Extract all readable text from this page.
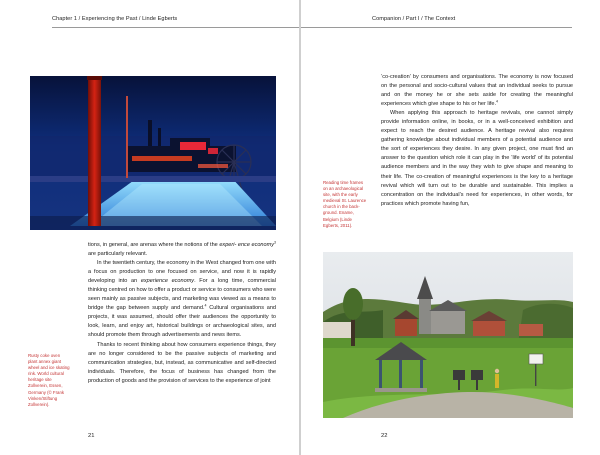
Chapter 1 / Experiencing the Past / Linde Egberts
Rusty coke oven
plant annex giant
wheel and ice skating
rink. World cultural
heritage site
Zollverein, Essen,
Germany (© Frank
Vinken/Stiftung
Zollverein).

tions, in general, are arenas where the notions of the experi- ence economy$^3$ are particularly relevant.

In the twentieth century, the economy in the West changed from one with a focus on production to one focused on service, and now it is rapidly developing into an experience economy. For a long time, commercial thinking centred on how to offer a product or service to consumers who were seen mainly as passive subjects, and marketing was viewed as a means to bridge the gap between supply and demand.$^4$ Cultural organisations and projects, it was assumed, should offer their audiences the opportunity to look, learn, and enjoy art, historical buildings or archaeological sites, and should promote them through advertisements and news items.

Thanks to recent thinking about how consumers experience things, they are no longer considered to be the passive subjects of marketing and communication strategies, but, instead, as communicative and self-directed individuals. Therefore, the focus of business has changed from the production of goods and the provision of services to the experience of joint

21
Companion / Part I / The Context

‘co-creation’ by consumers and organisations. The economy is now focused on the personal and socio-cultural values that an individual seeks to pursue and on the money he or she sets aside for creating the meaningful experiences which give shape to his or her life.$^4$

When applying this approach to heritage revivals, one cannot simply provide information online, in books, or in a well-conceived exhibition and expect to reach the desired audience. A heritage revival also requires gathering knowledge about individual members of a potential audience and the sort of experiences they desire. In any given project, one must find an answer to the question which role it can play in the ‘life world’ of its potential audience members and in the way they wish to give shape and meaning to their life. The co-creation of meaningful experiences is the key to a heritage revival which will turn out to be durable and sustainable. This implies a concentration on the individual’s need for experiences, in other words, for practices which promote having fun,

Reading time frames
on an archaeological
site, with the early
medieval St. Laurence
church in the back-
ground. Ename,
Belgium (Linde
Egberts, 2011).
22
